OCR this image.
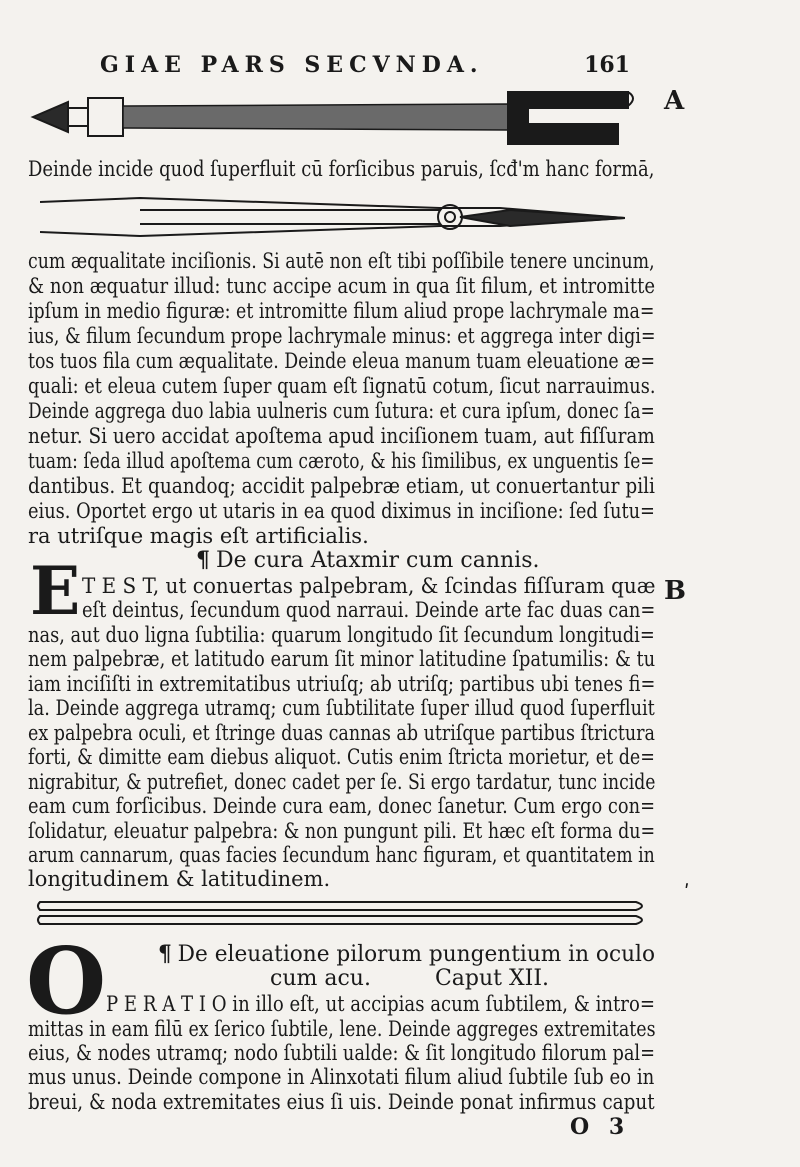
GIAE PARS SECVNDA.	161
A
B
Deinde incide quod ſuperfluit cū forſicibus paruis, ſcđ'm hanc formā,
cum æqualitate inciſionis. Si autē non eſt tibi poſſibile tenere uncinum,
& non æquatur illud: tunc accipe acum in qua ſit filum, et intromitte
ipſum in medio figuræ: et intromitte filum aliud prope lachrymale ma=
ius, & filum ſecundum prope lachrymale minus: et aggrega inter digi=
tos tuos fila cum æqualitate. Deinde eleua manum tuam eleuatione æ=
quali: et eleua cutem ſuper quam eſt ſignatū cotum, ſicut narrauimus.
Deinde aggrega duo labia uulneris cum ſutura: et cura ipſum, donec ſa=
netur. Si uero accidat apoſtema apud inciſionem tuam, aut fiſſuram
tuam: ſeda illud apoſtema cum cæroto, & his ſimilibus, ex unguentis ſe=
dantibus. Et quandoq; accidit palpebræ etiam, ut conuertantur pili
eius. Oportet ergo ut utaris in ea quod diximus in inciſione: ſed ſutu=
ra utriſque magis eſt artificialis.
¶ De cura Ataxmir cum cannis.
E T E S T, ut conuertas palpebram, & ſcindas fiſſuram quæ
eſt deintus, ſecundum quod narraui. Deinde arte fac duas can=
nas, aut duo ligna ſubtilia: quarum longitudo ſit ſecundum longitudi=
nem palpebræ, et latitudo earum ſit minor latitudine ſpatumilis: & tu
iam inciſiſti in extremitatibus utriuſq; ab utriſq; partibus ubi tenes fi=
la. Deinde aggrega utramq; cum ſubtilitate ſuper illud quod ſuperfluit
ex palpebra oculi, et ſtringe duas cannas ab utriſque partibus ſtrictura
forti, & dimitte eam diebus aliquot. Cutis enim ſtricta morietur, et de=
nigrabitur, & putrefiet, donec cadet per ſe. Si ergo tardatur, tunc incide
eam cum forſicibus. Deinde cura eam, donec ſanetur. Cum ergo con=
ſolidatur, eleuatur palpebra: & non pungunt pili. Et hæc eſt forma du=
arum cannarum, quas facies ſecundum hanc figuram, et quantitatem in
longitudinem & latitudinem.
ʹ
O ¶ De eleuatione pilorum pungentium in oculo
cum acu.	Caput XII.
P E R A T I O in illo eſt, ut accipias acum ſubtilem, & intro=
mittas in eam filū ex ſerico ſubtile, lene. Deinde aggreges extremitates
eius, & nodes utramq; nodo ſubtili ualde: & ſit longitudo filorum pal=
mus unus. Deinde compone in Alinxotati filum aliud ſubtile ſub eo in
breui, & noda extremitates eius ſi uis. Deinde ponat infirmus caput
O 3
